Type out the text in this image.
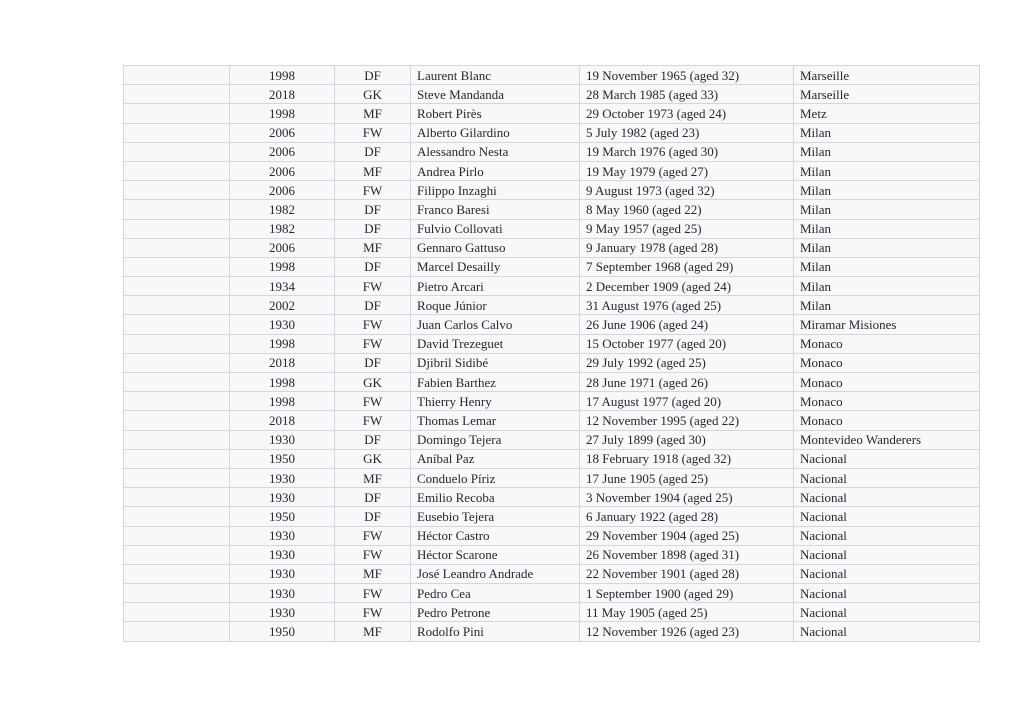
	1998	DF	Laurent Blanc	19 November 1965 (aged 32)	Marseille
	2018	GK	Steve Mandanda	28 March 1985 (aged 33)	Marseille
	1998	MF	Robert Pirès	29 October 1973 (aged 24)	Metz
	2006	FW	Alberto Gilardino	5 July 1982 (aged 23)	Milan
	2006	DF	Alessandro Nesta	19 March 1976 (aged 30)	Milan
	2006	MF	Andrea Pirlo	19 May 1979 (aged 27)	Milan
	2006	FW	Filippo Inzaghi	9 August 1973 (aged 32)	Milan
	1982	DF	Franco Baresi	8 May 1960 (aged 22)	Milan
	1982	DF	Fulvio Collovati	9 May 1957 (aged 25)	Milan
	2006	MF	Gennaro Gattuso	9 January 1978 (aged 28)	Milan
	1998	DF	Marcel Desailly	7 September 1968 (aged 29)	Milan
	1934	FW	Pietro Arcari	2 December 1909 (aged 24)	Milan
	2002	DF	Roque Júnior	31 August 1976 (aged 25)	Milan
	1930	FW	Juan Carlos Calvo	26 June 1906 (aged 24)	Miramar Misiones
	1998	FW	David Trezeguet	15 October 1977 (aged 20)	Monaco
	2018	DF	Djibril Sidibé	29 July 1992 (aged 25)	Monaco
	1998	GK	Fabien Barthez	28 June 1971 (aged 26)	Monaco
	1998	FW	Thierry Henry	17 August 1977 (aged 20)	Monaco
	2018	FW	Thomas Lemar	12 November 1995 (aged 22)	Monaco
	1930	DF	Domingo Tejera	27 July 1899 (aged 30)	Montevideo Wanderers
	1950	GK	Aníbal Paz	18 February 1918 (aged 32)	Nacional
	1930	MF	Conduelo Píriz	17 June 1905 (aged 25)	Nacional
	1930	DF	Emilio Recoba	3 November 1904 (aged 25)	Nacional
	1950	DF	Eusebio Tejera	6 January 1922 (aged 28)	Nacional
	1930	FW	Héctor Castro	29 November 1904 (aged 25)	Nacional
	1930	FW	Héctor Scarone	26 November 1898 (aged 31)	Nacional
	1930	MF	José Leandro Andrade	22 November 1901 (aged 28)	Nacional
	1930	FW	Pedro Cea	1 September 1900 (aged 29)	Nacional
	1930	FW	Pedro Petrone	11 May 1905 (aged 25)	Nacional
	1950	MF	Rodolfo Pini	12 November 1926 (aged 23)	Nacional
